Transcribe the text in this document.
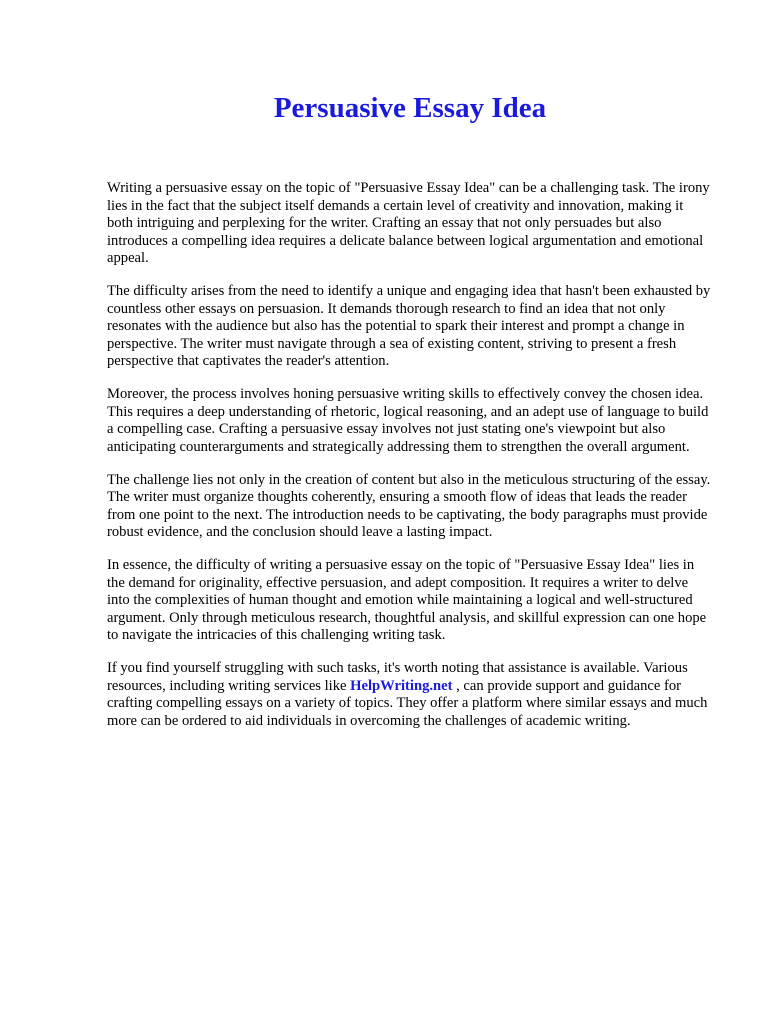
Persuasive Essay Idea

Writing a persuasive essay on the topic of "Persuasive Essay Idea" can be a challenging task. The irony lies in the fact that the subject itself demands a certain level of creativity and innovation, making it both intriguing and perplexing for the writer. Crafting an essay that not only persuades but also introduces a compelling idea requires a delicate balance between logical argumentation and emotional appeal.

The difficulty arises from the need to identify a unique and engaging idea that hasn't been exhausted by countless other essays on persuasion. It demands thorough research to find an idea that not only resonates with the audience but also has the potential to spark their interest and prompt a change in perspective. The writer must navigate through a sea of existing content, striving to present a fresh perspective that captivates the reader's attention.

Moreover, the process involves honing persuasive writing skills to effectively convey the chosen idea. This requires a deep understanding of rhetoric, logical reasoning, and an adept use of language to build a compelling case. Crafting a persuasive essay involves not just stating one's viewpoint but also anticipating counterarguments and strategically addressing them to strengthen the overall argument.

The challenge lies not only in the creation of content but also in the meticulous structuring of the essay. The writer must organize thoughts coherently, ensuring a smooth flow of ideas that leads the reader from one point to the next. The introduction needs to be captivating, the body paragraphs must provide robust evidence, and the conclusion should leave a lasting impact.

In essence, the difficulty of writing a persuasive essay on the topic of "Persuasive Essay Idea" lies in the demand for originality, effective persuasion, and adept composition. It requires a writer to delve into the complexities of human thought and emotion while maintaining a logical and well-structured argument. Only through meticulous research, thoughtful analysis, and skillful expression can one hope to navigate the intricacies of this challenging writing task.

If you find yourself struggling with such tasks, it's worth noting that assistance is available. Various resources, including writing services like HelpWriting.net , can provide support and guidance for crafting compelling essays on a variety of topics. They offer a platform where similar essays and much more can be ordered to aid individuals in overcoming the challenges of academic writing.
